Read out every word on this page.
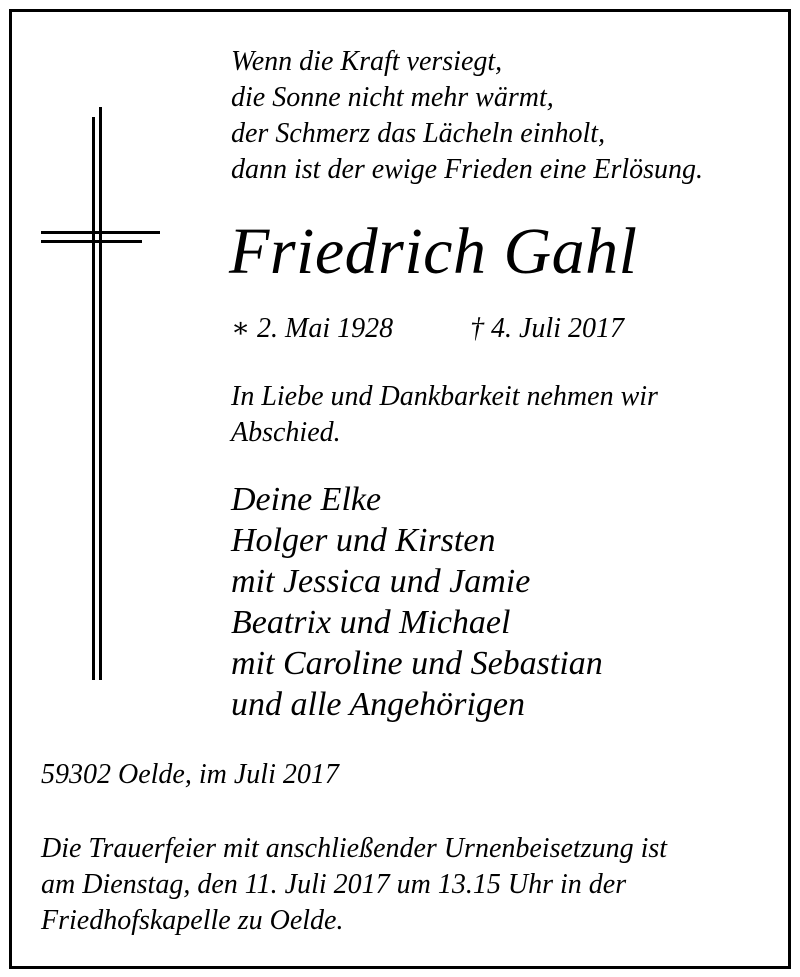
Wenn die Kraft versiegt,
die Sonne nicht mehr wärmt,
der Schmerz das Lächeln einholt,
dann ist der ewige Frieden eine Erlösung.
Friedrich Gahl
∗ 2. Mai 1928	† 4. Juli 2017
In Liebe und Dankbarkeit nehmen wir
Abschied.
Deine Elke
Holger und Kirsten
mit Jessica und Jamie
Beatrix und Michael
mit Caroline und Sebastian
und alle Angehörigen
59302 Oelde, im Juli 2017
Die Trauerfeier mit anschließender Urnenbeisetzung ist
am Dienstag, den 11. Juli 2017 um 13.15 Uhr in der
Friedhofskapelle zu Oelde.
